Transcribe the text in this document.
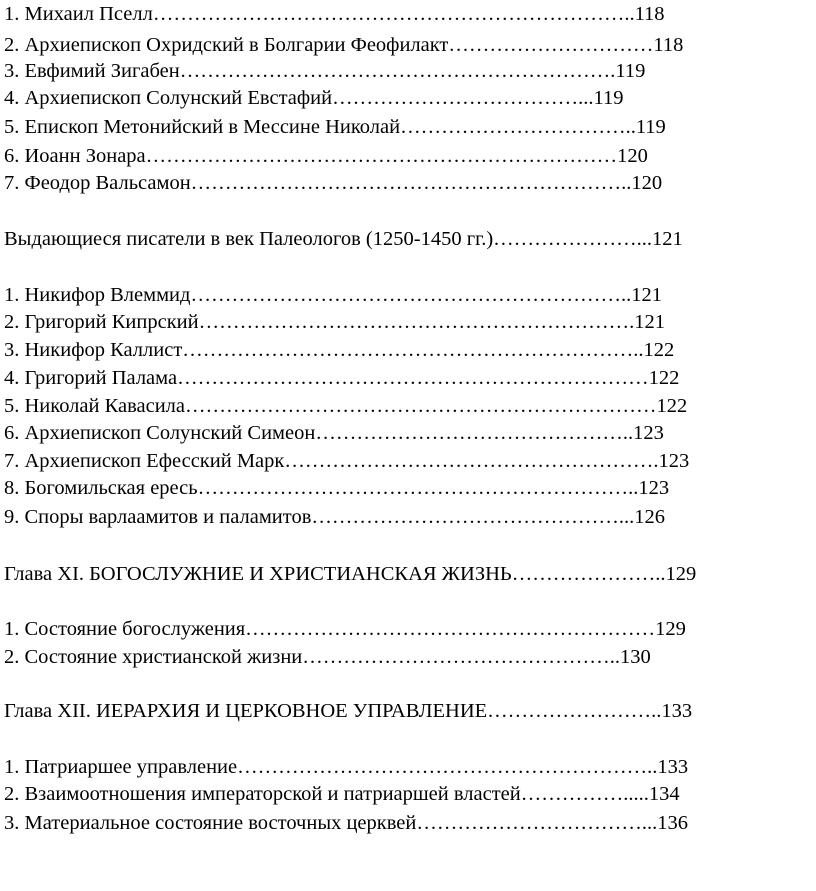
1. Михаил Пселл……………………………………………………………..118
2. Архиепископ Охридский в Болгарии Феофилакт…………………………118
3. Евфимий Зигабен……………………………………………………….119
4. Архиепископ Солунский Евстафий………………………………...119
5. Епископ Метонийский в Мессине Николай……………………………..119
6. Иоанн Зонара……………………………………………………………120
7. Феодор Вальсамон………………………………………………………..120
Выдающиеся писатели в век Палеологов (1250-1450 гг.)…………………...121
1. Никифор Влеммид………………………………………………………..121
2. Григорий Кипрский……………………………………………………….121
3. Никифор Каллист…………………………………………………………..122
4. Григорий Палама……………………………………………………………122
5. Николай Кавасила……………………………………………………………122
6. Архиепископ Солунский Симеон………………………………………..123
7. Архиепископ Ефесский Марк……………………………………………….123
8. Богомильская ересь………………………………………………………..123
9. Споры варлаамитов и паламитов………………………………………...126
Глава XI. БОГОСЛУЖНИЕ И ХРИСТИАНСКАЯ ЖИЗНЬ…………………..129
1. Состояние богослужения……………………………………………………129
2. Состояние христианской жизни………………………………………..130
Глава XII. ИЕРАРХИЯ И ЦЕРКОВНОЕ УПРАВЛЕНИЕ……………………..133
1. Патриаршее управление……………………………………………………..133
2. Взаимоотношения императорской и патриаршей властей…………….....134
3. Материальное состояние восточных церквей……………………………...136
